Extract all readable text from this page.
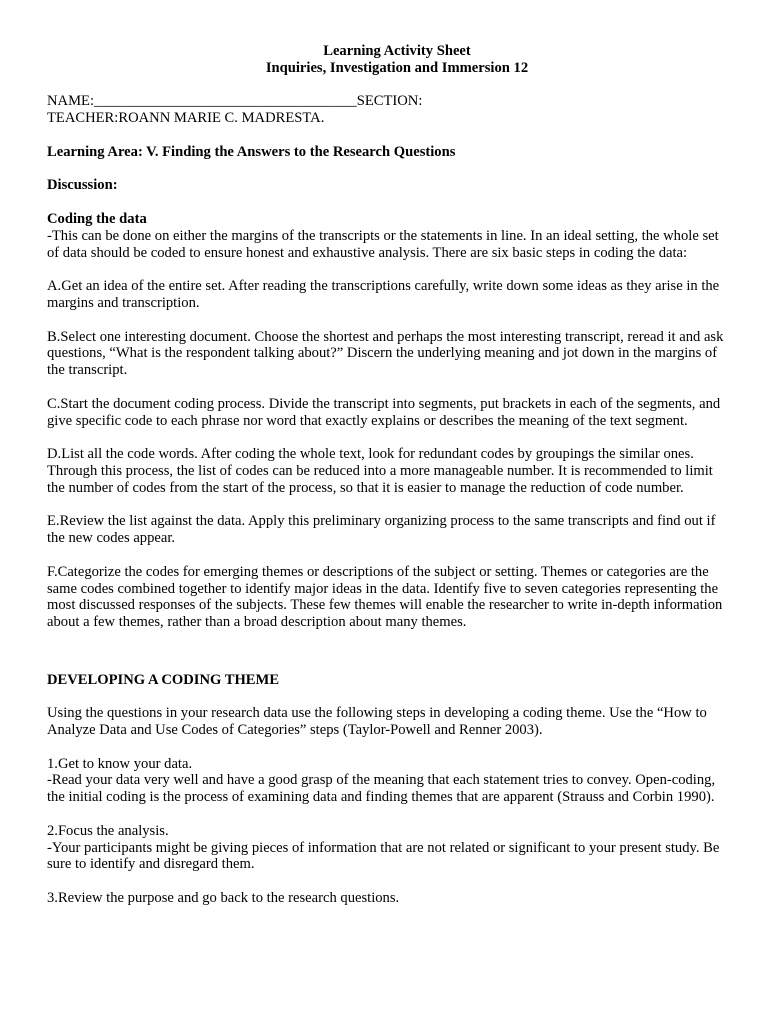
Learning Activity Sheet

Inquiries, Investigation and Immersion 12

NAME:____________________________________SECTION:

TEACHER:ROANN MARIE C. MADRESTA.

Learning Area: V. Finding the Answers to the Research Questions

Discussion:

Coding the data

-This can be done on either the margins of the transcripts or the statements in line. In an ideal setting, the whole set of data should be coded to ensure honest and exhaustive analysis. There are six basic steps in coding the data:

A.Get an idea of the entire set. After reading the transcriptions carefully, write down some ideas as they arise in the margins and transcription.

B.Select one interesting document. Choose the shortest and perhaps the most interesting transcript, reread it and ask questions, “What is the respondent talking about?” Discern the underlying meaning and jot down in the margins of the transcript.

C.Start the document coding process. Divide the transcript into segments, put brackets in each of the segments, and give specific code to each phrase nor word that exactly explains or describes the meaning of the text segment.

D.List all the code words. After coding the whole text, look for redundant codes by groupings the similar ones. Through this process, the list of codes can be reduced into a more manageable number. It is recommended to limit the number of codes from the start of the process, so that it is easier to manage the reduction of code number.

E.Review the list against the data. Apply this preliminary organizing process to the same transcripts and find out if the new codes appear.

F.Categorize the codes for emerging themes or descriptions of the subject or setting. Themes or categories are the same codes combined together to identify major ideas in the data. Identify five to seven categories representing the most discussed responses of the subjects. These few themes will enable the researcher to write in-depth information about a few themes, rather than a broad description about many themes.

DEVELOPING A CODING THEME

Using the questions in your research data use the following steps in developing a coding theme. Use the “How to Analyze Data and Use Codes of Categories” steps (Taylor-Powell and Renner 2003).

1.Get to know your data.

-Read your data very well and have a good grasp of the meaning that each statement tries to convey. Open-coding, the initial coding is the process of examining data and finding themes that are apparent (Strauss and Corbin 1990).

2.Focus the analysis.

-Your participants might be giving pieces of information that are not related or significant to your present study. Be sure to identify and disregard them.

3.Review the purpose and go back to the research questions.
